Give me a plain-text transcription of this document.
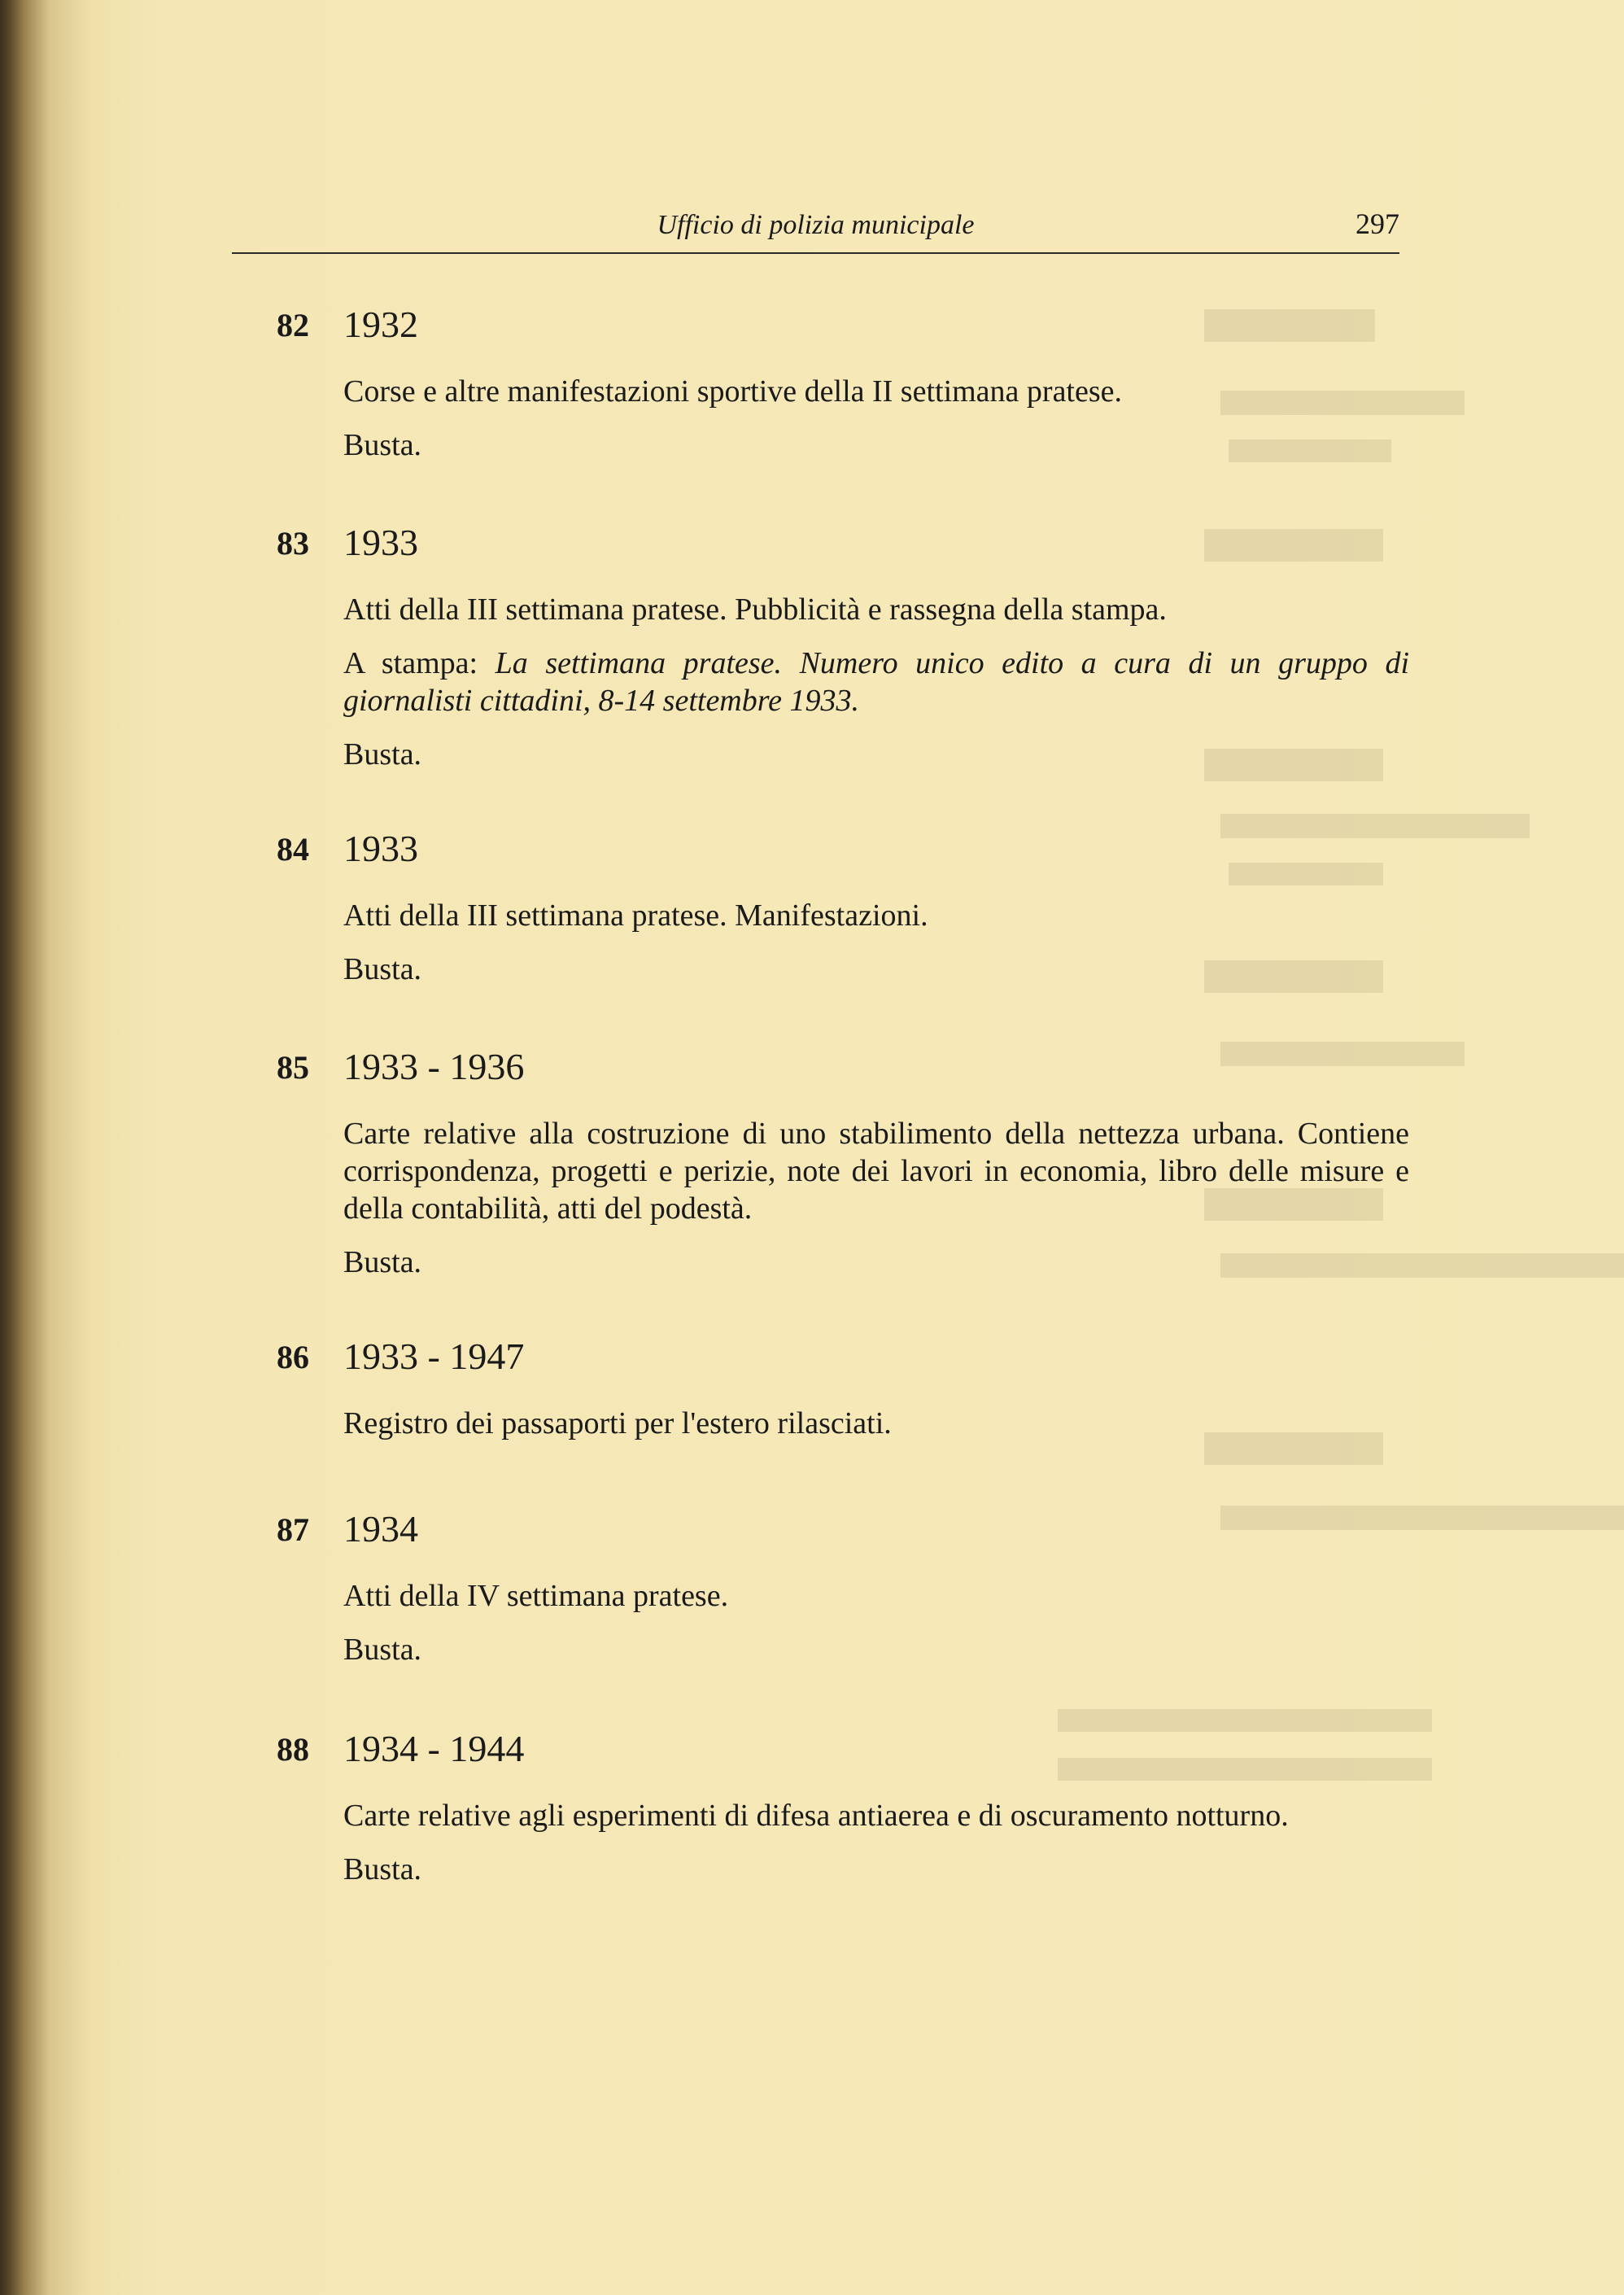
Ufficio di polizia municipale	297
82 1932

Corse e altre manifestazioni sportive della II settimana pratese.

Busta.

83 1933

Atti della III settimana pratese. Pubblicità e rassegna della stampa.

A stampa: La settimana pratese. Numero unico edito a cura di un gruppo di giornalisti cittadini, 8-14 settembre 1933.

Busta.

84 1933

Atti della III settimana pratese. Manifestazioni.

Busta.

85 1933 - 1936

Carte relative alla costruzione di uno stabilimento della nettezza urbana. Contiene corrispondenza, progetti e perizie, note dei lavori in economia, libro delle misure e della contabilità, atti del podestà.

Busta.

86 1933 - 1947

Registro dei passaporti per l'estero rilasciati.

87 1934

Atti della IV settimana pratese.

Busta.

88 1934 - 1944

Carte relative agli esperimenti di difesa antiaerea e di oscuramento notturno.

Busta.
